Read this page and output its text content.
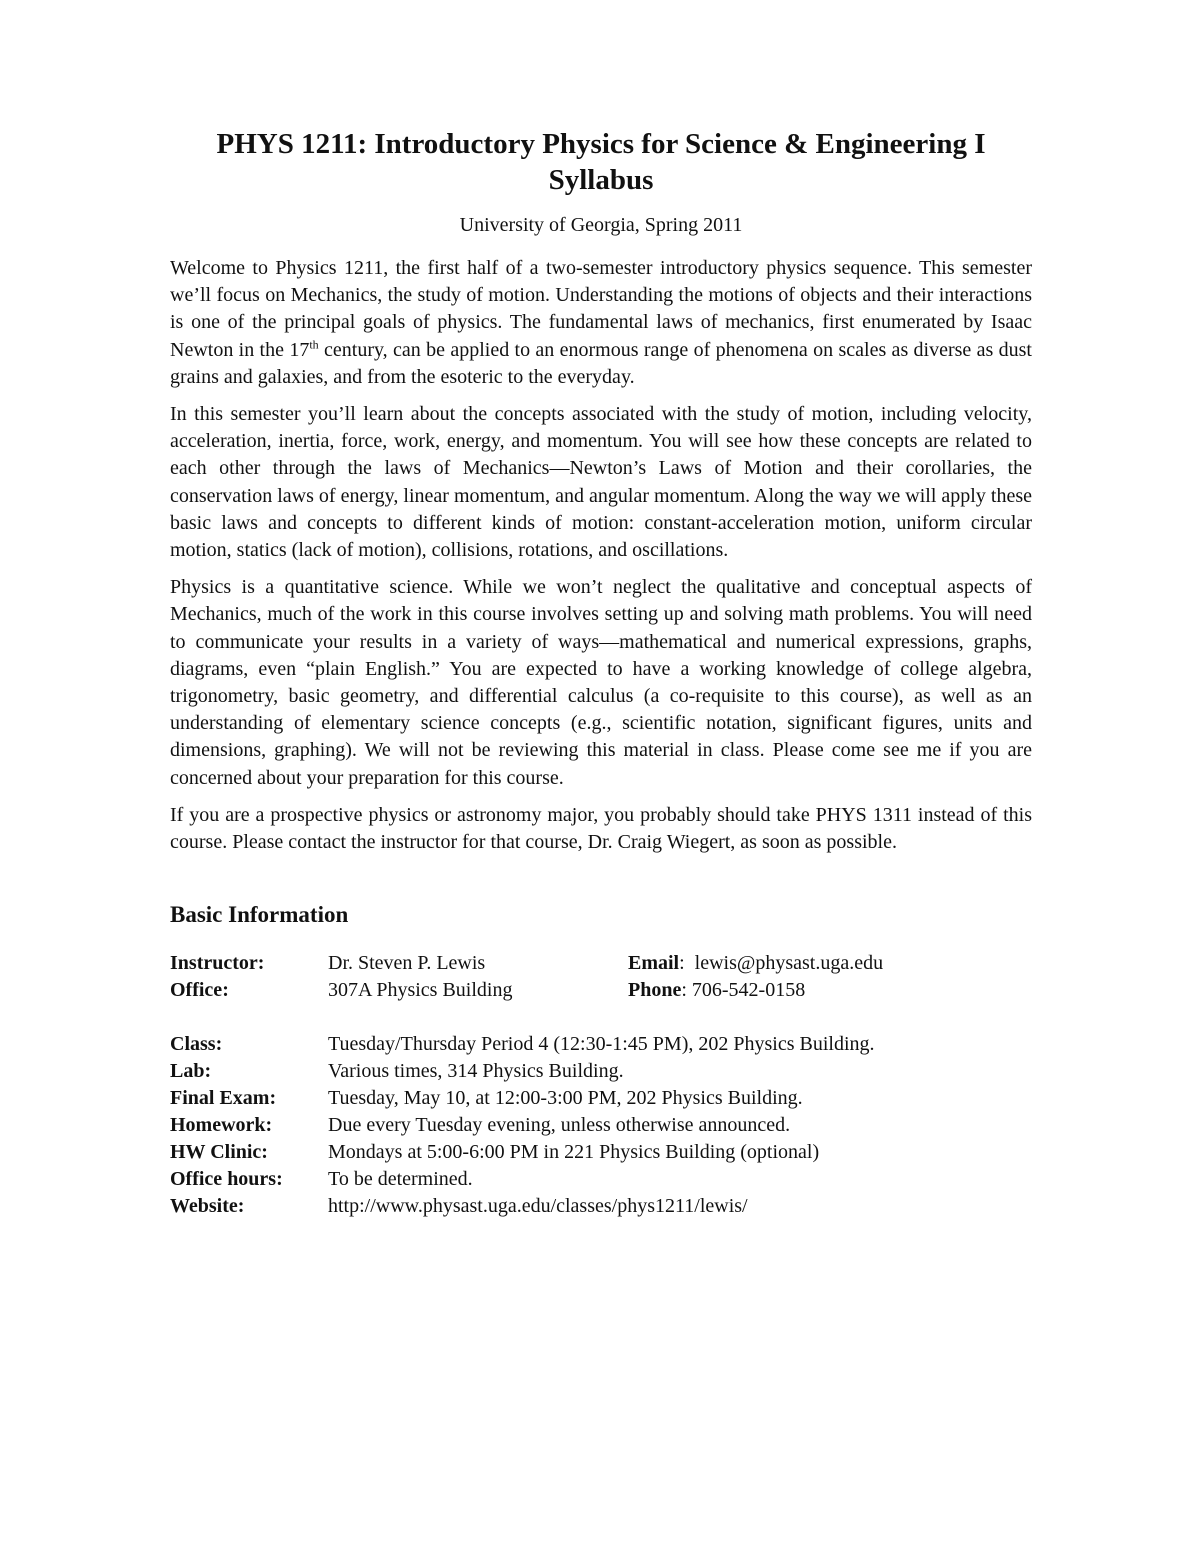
PHYS 1211: Introductory Physics for Science & Engineering I
Syllabus

University of Georgia, Spring 2011

Welcome to Physics 1211, the first half of a two-semester introductory physics sequence. This semester we’ll focus on Mechanics, the study of motion. Understanding the motions of objects and their interactions is one of the principal goals of physics. The fundamental laws of mechanics, first enumerated by Isaac Newton in the 17th century, can be applied to an enormous range of phenomena on scales as diverse as dust grains and galaxies, and from the esoteric to the everyday.

In this semester you’ll learn about the concepts associated with the study of motion, including velocity, acceleration, inertia, force, work, energy, and momentum. You will see how these concepts are related to each other through the laws of Mechanics—Newton’s Laws of Motion and their corollaries, the conservation laws of energy, linear momentum, and angular momentum. Along the way we will apply these basic laws and concepts to different kinds of motion: constant-acceleration motion, uniform circular motion, statics (lack of motion), collisions, rotations, and oscillations.

Physics is a quantitative science. While we won’t neglect the qualitative and conceptual aspects of Mechanics, much of the work in this course involves setting up and solving math problems. You will need to communicate your results in a variety of ways—mathematical and numerical expressions, graphs, diagrams, even “plain English.” You are expected to have a working knowledge of college algebra, trigonometry, basic geometry, and differential calculus (a co-requisite to this course), as well as an understanding of elementary science concepts (e.g., scientific notation, significant figures, units and dimensions, graphing). We will not be reviewing this material in class. Please come see me if you are concerned about your preparation for this course.

If you are a prospective physics or astronomy major, you probably should take PHYS 1311 instead of this course. Please contact the instructor for that course, Dr. Craig Wiegert, as soon as possible.

Basic Information
Instructor:	Dr. Steven P. Lewis	Email:  lewis@physast.uga.edu
Office:	307A Physics Building	Phone: 706-542-0158
Class:	Tuesday/Thursday Period 4 (12:30-1:45 PM), 202 Physics Building.
Lab:	Various times, 314 Physics Building.
Final Exam:	Tuesday, May 10, at 12:00-3:00 PM, 202 Physics Building.
Homework:	Due every Tuesday evening, unless otherwise announced.
HW Clinic:	Mondays at 5:00-6:00 PM in 221 Physics Building (optional)
Office hours:	To be determined.
Website:	http://www.physast.uga.edu/classes/phys1211/lewis/
